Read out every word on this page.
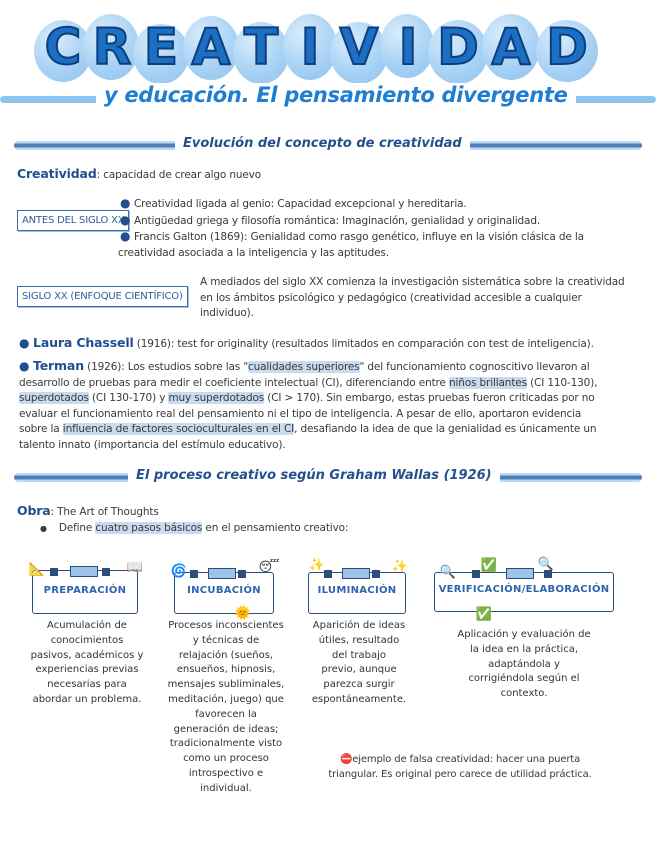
C R E A T I V I D A D
y educación. El pensamiento divergente
Evolución del concepto de creatividad
Creatividad: capacidad de crear algo nuevo
ANTES DEL SIGLO XX
● Creatividad ligada al genio: Capacidad excepcional y hereditaria.
● Antigüedad griega y filosofía romántica: Imaginación, genialidad y originalidad.
● Francis Galton (1869): Genialidad como rasgo genético, influye en la visión clásica de la
creatividad asociada a la inteligencia y las aptitudes.
SIGLO XX (ENFOQUE CIENTÍFICO)
A mediados del siglo XX comienza la investigación sistemática sobre la creatividad
en los ámbitos psicológico y pedagógico (creatividad accesible a cualquier
individuo).
● Laura Chassell (1916): test for originality (resultados limitados en comparación con test de inteligencia).
● Terman (1926): Los estudios sobre las "cualidades superiores" del funcionamiento cognoscitivo llevaron al
desarrollo de pruebas para medir el coeficiente intelectual (CI), diferenciando entre niños brillantes (CI 110-130),
superdotados (CI 130-170) y muy superdotados (CI > 170). Sin embargo, estas pruebas fueron criticadas por no
evaluar el funcionamiento real del pensamiento ni el tipo de inteligencia. A pesar de ello, aportaron evidencia
sobre la influencia de factores socioculturales en el CI, desafiando la idea de que la genialidad es únicamente un
talento innato (importancia del estímulo educativo).
El proceso creativo según Graham Wallas (1926)
Obra: The Art of Thoughts
● Define cuatro pasos básicos en el pensamiento creativo:
PREPARACIÓN
📐	📖
Acumulación de
conocimientos
pasivos, académicos y
experiencias previas
necesarias para
abordar un problema.
INCUBACIÓN
🌀	😴
🌞
Procesos inconscientes
y técnicas de
relajación (sueños,
ensueños, hipnosis,
mensajes subliminales,
meditación, juego) que
favorecen la
generación de ideas;
tradicionalmente visto
como un proceso
introspectivo e
individual.
ILUMINACIÓN
✨	✨
Aparición de ideas
útiles, resultado
del trabajo
previo, aunque
parezca surgir
espontáneamente.
VERIFICACIÓN/ELABORACIÓN
🔍 ✅	🔍
✅
Aplicación y evaluación de
la idea en la práctica,
adaptándola y
corrigiéndola según el
contexto.
⛔ejemplo de falsa creatividad: hacer una puerta
triangular. Es original pero carece de utilidad práctica.
